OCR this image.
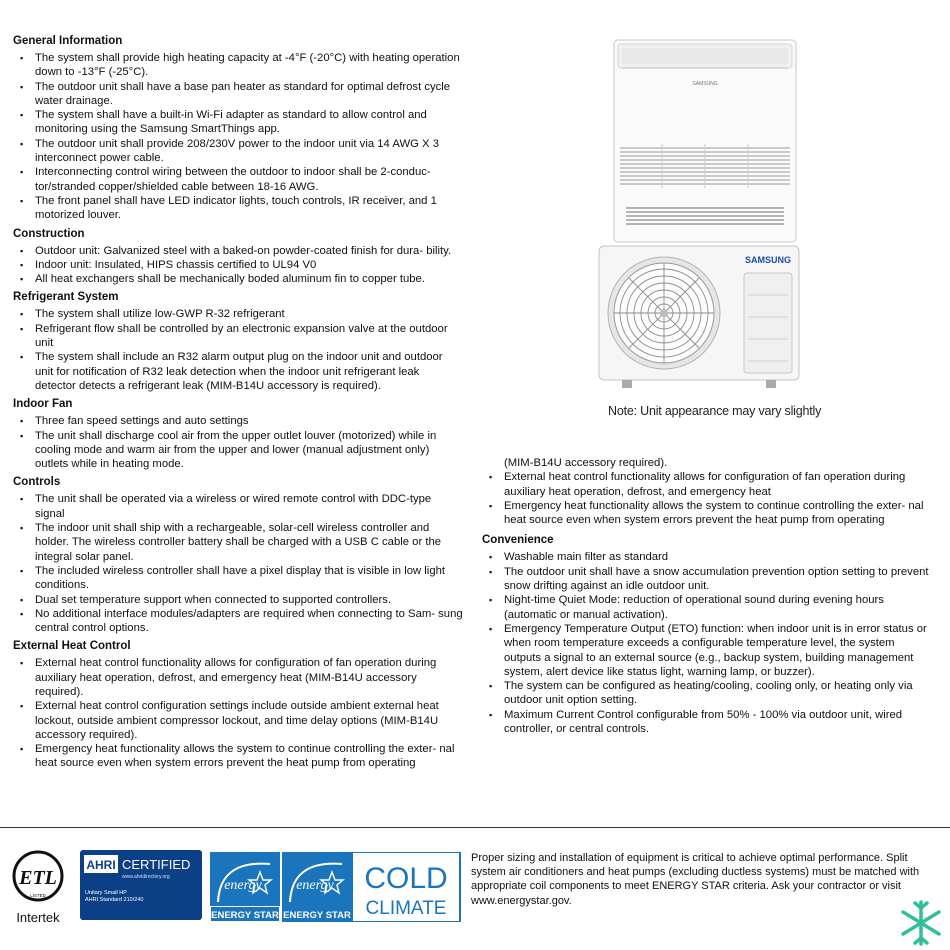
General Information
▪ The system shall provide high heating capacity at -4°F (-20°C) with heating operation down to -13°F (-25°C).
▪ The outdoor unit shall have a base pan heater as standard for optimal defrost cycle water drainage.
▪ The system shall have a built-in Wi-Fi adapter as standard to allow control and monitoring using the Samsung SmartThings app.
▪ The outdoor unit shall provide 208/230V power to the indoor unit via 14 AWG X 3 interconnect power cable.
▪ Interconnecting control wiring between the outdoor to indoor shall be 2-conduc- tor/stranded copper/shielded cable between 18-16 AWG.
▪ The front panel shall have LED indicator lights, touch controls, IR receiver, and 1 motorized louver.
Construction
▪ Outdoor unit: Galvanized steel with a baked-on powder-coated finish for dura- bility.
▪ Indoor unit: Insulated, HIPS chassis certified to UL94 V0
▪ All heat exchangers shall be mechanically boded aluminum fin to copper tube.
Refrigerant System
▪ The system shall utilize low-GWP R-32 refrigerant
▪ Refrigerant flow shall be controlled by an electronic expansion valve at the outdoor unit
▪ The system shall include an R32 alarm output plug on the indoor unit and outdoor unit for notification of R32 leak detection when the indoor unit refrigerant leak detector detects a refrigerant leak (MIM-B14U accessory is required).
Indoor Fan
▪ Three fan speed settings and auto settings
▪ The unit shall discharge cool air from the upper outlet louver (motorized) while in cooling mode and warm air from the upper and lower (manual adjustment only) outlets while in heating mode.
Controls
▪ The unit shall be operated via a wireless or wired remote control with DDC-type signal
▪ The indoor unit shall ship with a rechargeable, solar-cell wireless controller and holder. The wireless controller battery shall be charged with a USB C cable or the integral solar panel.
▪ The included wireless controller shall have a pixel display that is visible in low light conditions.
▪ Dual set temperature support when connected to supported controllers.
▪ No additional interface modules/adapters are required when connecting to Sam- sung central control options.
External Heat Control
▪ External heat control functionality allows for configuration of fan operation during auxiliary heat operation, defrost, and emergency heat (MIM-B14U accessory required).
▪ External heat control configuration settings include outside ambient external heat lockout, outside ambient compressor lockout, and time delay options (MIM-B14U accessory required).
▪ Emergency heat functionality allows the system to continue controlling the exter- nal heat source even when system errors prevent the heat pump from operating
SAMSUNG
SAMSUNG
Note: Unit appearance may vary slightly
(MIM-B14U accessory required).
▪ External heat control functionality allows for configuration of fan operation during auxiliary heat operation, defrost, and emergency heat
▪ Emergency heat functionality allows the system to continue controlling the exter- nal heat source even when system errors prevent the heat pump from operating
Convenience
▪ Washable main filter as standard
▪ The outdoor unit shall have a snow accumulation prevention option setting to prevent snow drifting against an idle outdoor unit.
▪ Night-time Quiet Mode: reduction of operational sound during evening hours (automatic or manual activation).
▪ Emergency Temperature Output (ETO) function: when indoor unit is in error status or when room temperature exceeds a configurable temperature level, the system outputs a signal to an external source (e.g., backup system, building management system, alert device like status light, warning lamp, or buzzer).
▪ The system can be configured as heating/cooling, cooling only, or heating only via outdoor unit option setting.
▪ Maximum Current Control configurable from 50% - 100% via outdoor unit, wired controller, or central controls.
ETL
LISTED
Intertek
AHRI CERTIFIED
www.ahridirectory.org
Unitary Small HP
AHRI Standard 210/240
energy
ENERGY STAR
energy
ENERGY STAR
COLD
CLIMATE
Proper sizing and installation of equipment is critical to achieve optimal performance. Split system air conditioners and heat pumps (excluding ductless systems) must be matched with appropriate coil components to meet ENERGY STAR criteria. Ask your contractor or visit www.energystar.gov.
